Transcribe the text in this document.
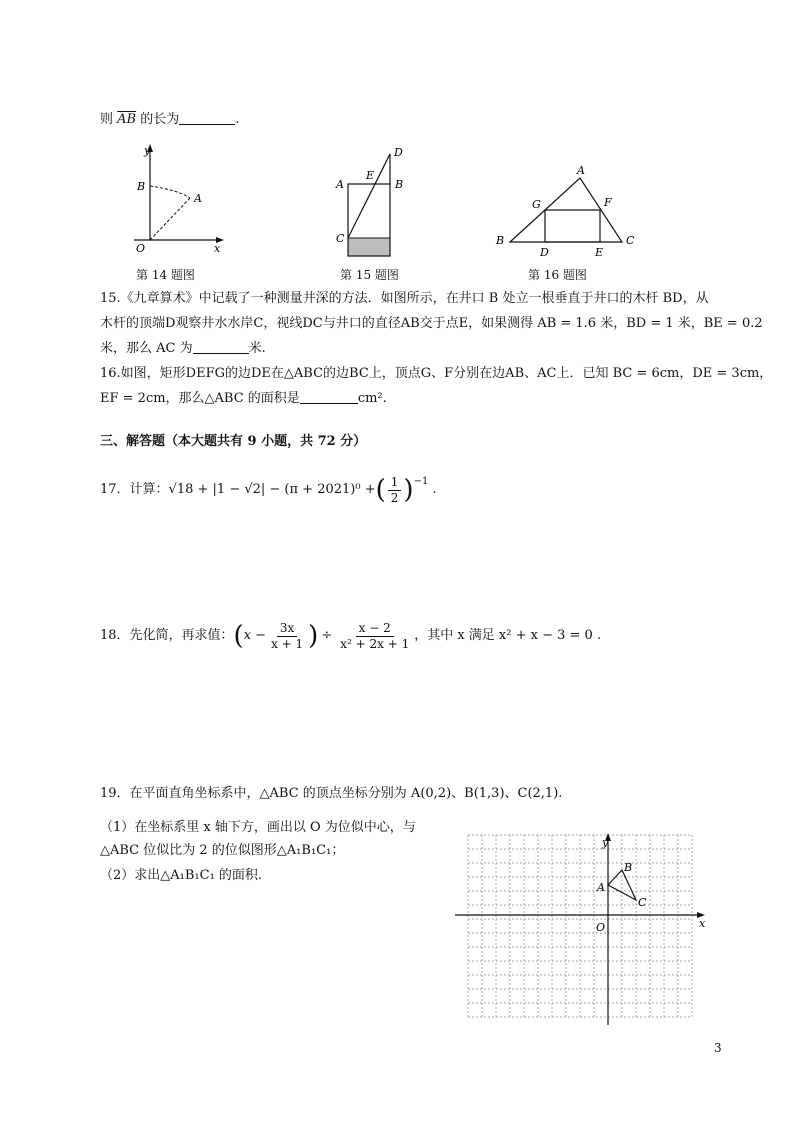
则 $\overline{AB}$ 的长为	.
y
x
B
A
O
第 14 题图
A
E
B
D
C
第 15 题图
A
G	F
B
D	E
C
第 16 题图
15.《九章算术》中记载了一种测量井深的方法．如图所示，在井口 B 处立一根垂直于井口的木杆 BD，从
木杆的顶端D观察井水水岸C，视线DC与井口的直径AB交于点E，如果测得 AB = 1.6 米，BD = 1 米，BE = 0.2
米，那么 AC 为	米.
16.如图，矩形DEFG的边DE在△ABC的边BC上，顶点G、F分别在边AB、AC上．已知 BC = 6cm，DE = 3cm，
EF = 2cm，那么△ABC 的面积是	cm².
三、解答题（本大题共有 9 小题，共 72 分）
17．计算： √18 + |1 − √2| − (π + 2021)⁰ + ( $\frac{1}{2} )^{-1}$
.
18．先化简，再求值： ( $x - \frac{3x}{x + 1}$ ) ÷ $\frac{x - 2}{\text{x² + 2x + 1}}$ ，其中 x 满足 x² + x − 3 = 0 .
19．在平面直角坐标系中，△ABC 的顶点坐标分别为 A(0,2)、B(1,3)、C(2,1).
（1）在坐标系里 x 轴下方，画出以 O 为位似中心，与
△ABC 位似比为 2 的位似图形△A₁B₁C₁；
（2）求出△A₁B₁C₁ 的面积.
y
x
O
A
B
C
3
